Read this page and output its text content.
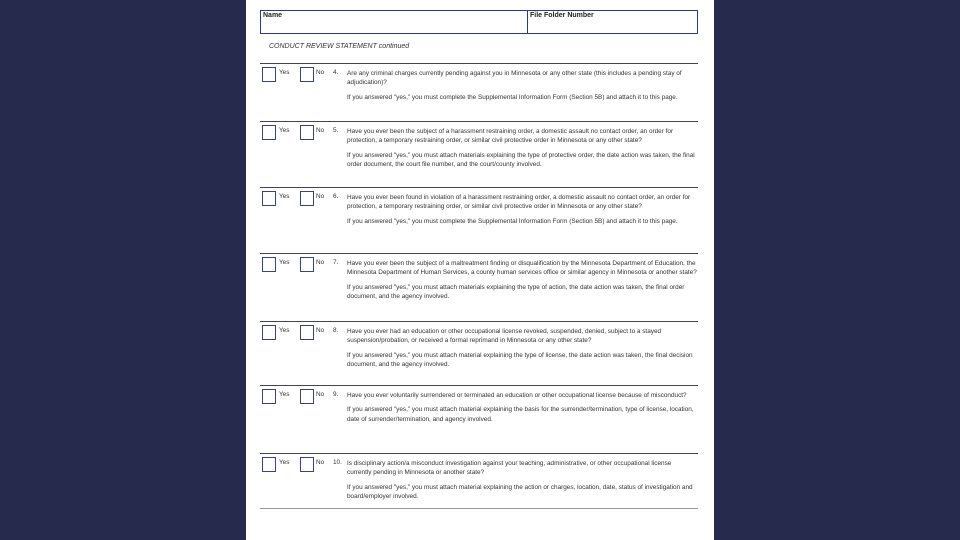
Name	File Folder Number
CONDUCT REVIEW STATEMENT continued
Yes	No 4. Are any criminal charges currently pending against you in Minnesota or any other state (this includes a pending stay of adjudication)?

If you answered "yes," you must complete the Supplemental Information Form (Section 5B) and attach it to this page.

Yes	No 5. Have you ever been the subject of a harassment restraining order, a domestic assault no contact order, an order for protection, a temporary restraining order, or similar civil protective order in Minnesota or any other state?

If you answered "yes," you must attach materials explaining the type of protective order, the date action was taken, the final order document, the court file number, and the court/county involved.

Yes	No 6. Have you ever been found in violation of a harassment restraining order, a domestic assault no contact order, an order for protection, a temporary restraining order, or similar civil protective order in Minnesota or any other state?

If you answered "yes," you must complete the Supplemental Information Form (Section 5B) and attach it to this page.

Yes	No 7. Have you ever been the subject of a maltreatment finding or disqualification by the Minnesota Department of Education, the Minnesota Department of Human Services, a county human services office or similar agency in Minnesota or another state?

If you answered "yes," you must attach materials explaining the type of action, the date action was taken, the final order document, and the agency involved.

Yes	No 8. Have you ever had an education or other occupational license revoked, suspended, denied, subject to a stayed suspension/probation, or received a formal reprimand in Minnesota or any other state?

If you answered "yes," you must attach material explaining the type of license, the date action was taken, the final decision document, and the agency involved.

Yes	No 9. Have you ever voluntarily surrendered or terminated an education or other occupational license because of misconduct?

If you answered "yes," you must attach material explaining the basis for the surrender/termination, type of license, location, date of surrender/termination, and agency involved.

Yes	No 10. Is disciplinary action/a misconduct investigation against your teaching, administrative, or other occupational license currently pending in Minnesota or another state?

If you answered "yes," you must attach material explaining the action or charges, location, date, status of investigation and board/employer involved.
